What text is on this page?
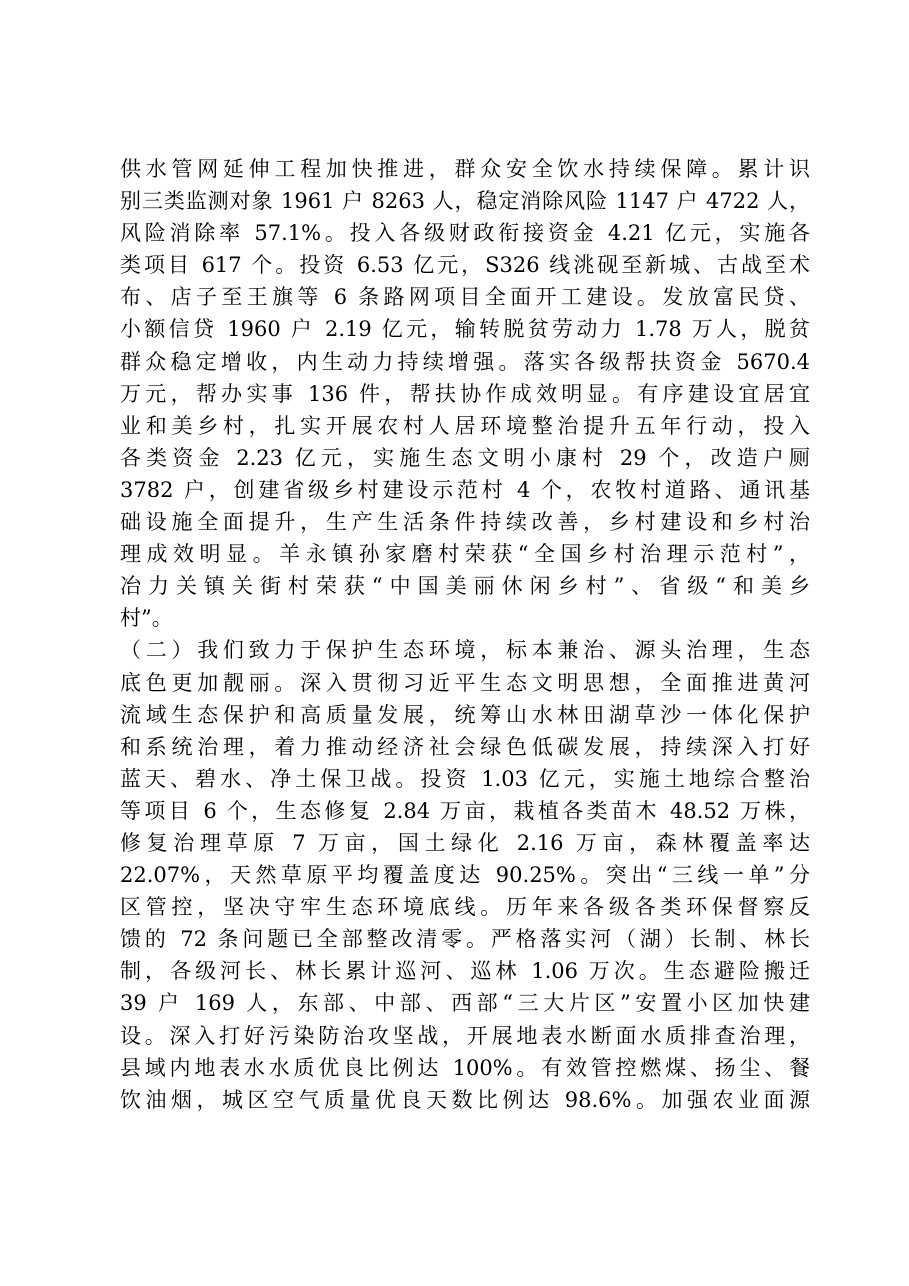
供水管网延伸工程加快推进，群众安全饮水持续保障。累计识
别三类监测对象 1961 户 8263 人，稳定消除风险 1147 户 4722 人，
风险消除率 57.1%。投入各级财政衔接资金 4.21 亿元，实施各
类项目 617 个。投资 6.53 亿元，S326 线洮砚至新城、古战至术
布、店子至王旗等 6 条路网项目全面开工建设。发放富民贷、
小额信贷 1960 户 2.19 亿元，输转脱贫劳动力 1.78 万人，脱贫
群众稳定增收，内生动力持续增强。落实各级帮扶资金 5670.4
万元，帮办实事 136 件，帮扶协作成效明显。有序建设宜居宜
业和美乡村，扎实开展农村人居环境整治提升五年行动，投入
各类资金 2.23 亿元，实施生态文明小康村 29 个，改造户厕
3782 户，创建省级乡村建设示范村 4 个，农牧村道路、通讯基
础设施全面提升，生产生活条件持续改善，乡村建设和乡村治
理成效明显。羊永镇孙家磨村荣获“全国乡村治理示范村”，
冶力关镇关街村荣获“中国美丽休闲乡村”、省级“和美乡
村”。
（二）我们致力于保护生态环境，标本兼治、源头治理，生态
底色更加靓丽。深入贯彻习近平生态文明思想，全面推进黄河
流域生态保护和高质量发展，统筹山水林田湖草沙一体化保护
和系统治理，着力推动经济社会绿色低碳发展，持续深入打好
蓝天、碧水、净土保卫战。投资 1.03 亿元，实施土地综合整治
等项目 6 个，生态修复 2.84 万亩，栽植各类苗木 48.52 万株，
修复治理草原 7 万亩，国土绿化 2.16 万亩，森林覆盖率达
22.07%，天然草原平均覆盖度达 90.25%。突出“三线一单”分
区管控，坚决守牢生态环境底线。历年来各级各类环保督察反
馈的 72 条问题已全部整改清零。严格落实河（湖）长制、林长
制，各级河长、林长累计巡河、巡林 1.06 万次。生态避险搬迁
39 户 169 人，东部、中部、西部“三大片区”安置小区加快建
设。深入打好污染防治攻坚战，开展地表水断面水质排查治理，
县域内地表水水质优良比例达 100%。有效管控燃煤、扬尘、餐
饮油烟，城区空气质量优良天数比例达 98.6%。加强农业面源
